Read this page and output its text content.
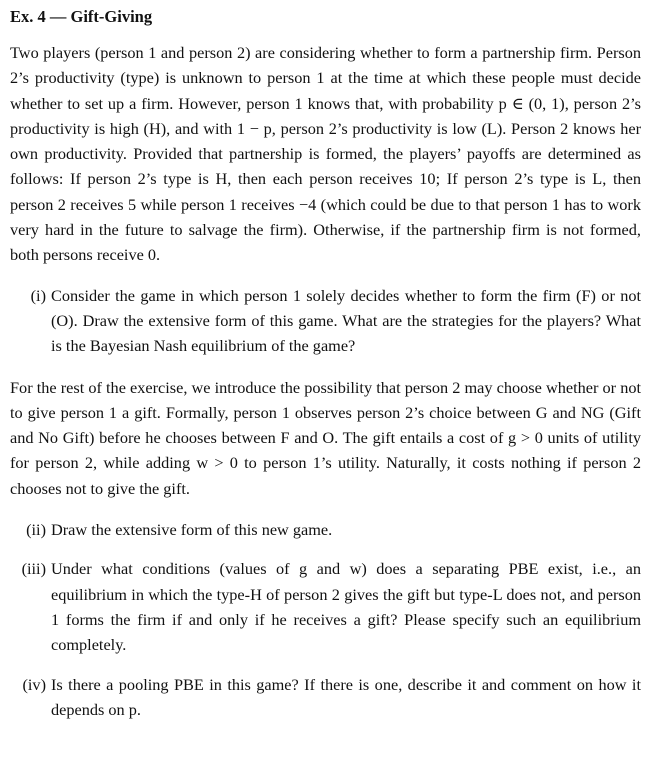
Ex. 4 — Gift-Giving

Two players (person 1 and person 2) are considering whether to form a partnership firm. Person 2’s productivity (type) is unknown to person 1 at the time at which these people must decide whether to set up a firm. However, person 1 knows that, with probability p ∈ (0, 1), person 2’s productivity is high (H), and with 1 − p, person 2’s productivity is low (L). Person 2 knows her own productivity. Provided that partnership is formed, the players’ payoffs are determined as follows: If person 2’s type is H, then each person receives 10; If person 2’s type is L, then person 2 receives 5 while person 1 receives −4 (which could be due to that person 1 has to work very hard in the future to salvage the firm). Otherwise, if the partnership firm is not formed, both persons receive 0.

(i) Consider the game in which person 1 solely decides whether to form the firm (F) or not (O). Draw the extensive form of this game. What are the strategies for the players? What is the Bayesian Nash equilibrium of the game?

For the rest of the exercise, we introduce the possibility that person 2 may choose whether or not to give person 1 a gift. Formally, person 1 observes person 2’s choice between G and NG (Gift and No Gift) before he chooses between F and O. The gift entails a cost of g > 0 units of utility for person 2, while adding w > 0 to person 1’s utility. Naturally, it costs nothing if person 2 chooses not to give the gift.

(ii) Draw the extensive form of this new game.
(iii) Under what conditions (values of g and w) does a separating PBE exist, i.e., an equilibrium in which the type-H of person 2 gives the gift but type-L does not, and person 1 forms the firm if and only if he receives a gift? Please specify such an equilibrium completely.
(iv) Is there a pooling PBE in this game? If there is one, describe it and comment on how it depends on p.
